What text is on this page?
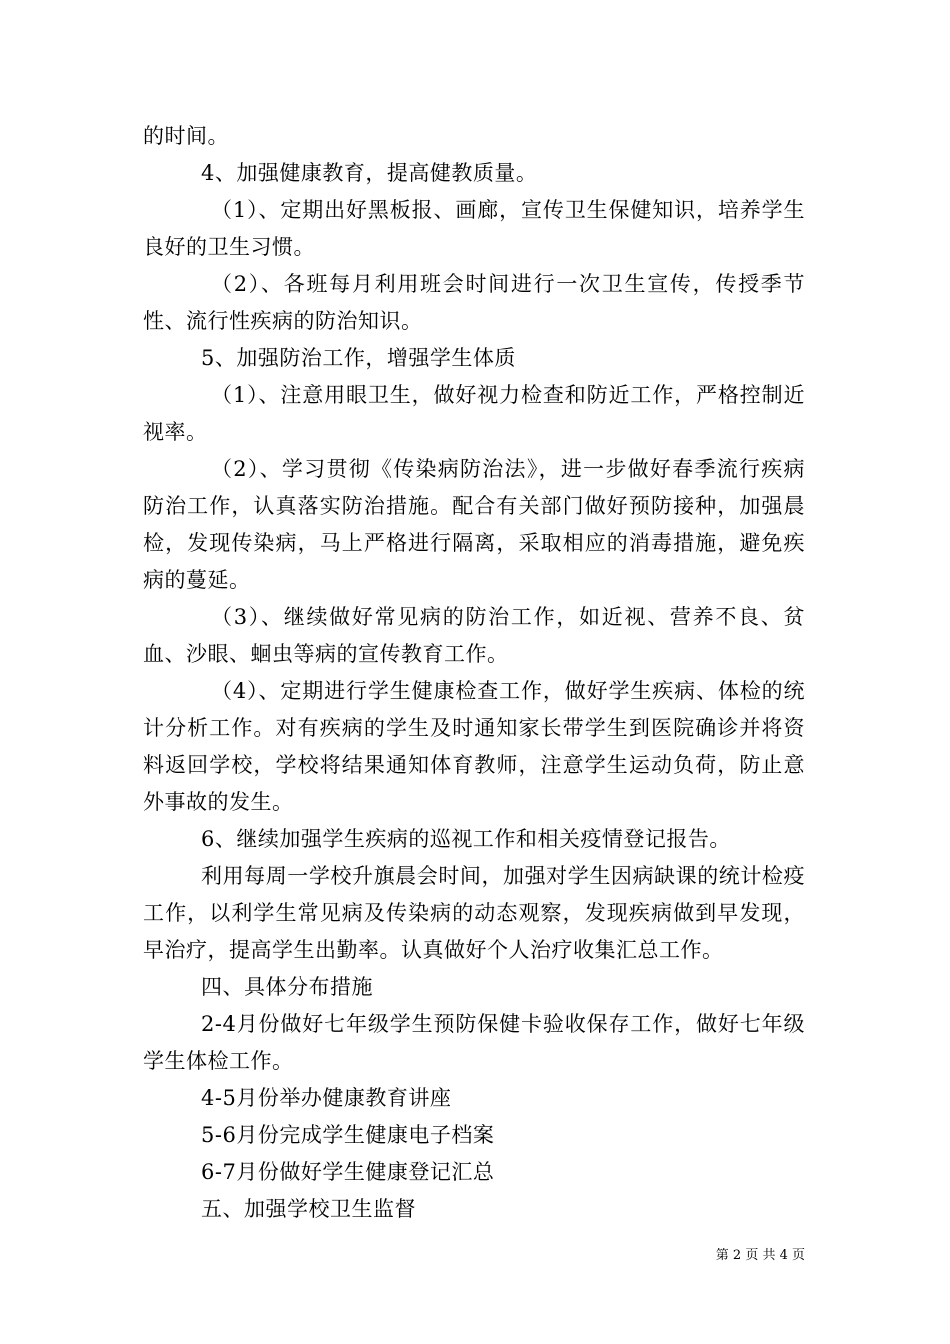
的时间。

4、加强健康教育，提高健教质量。

（1）、定期出好黑板报、画廊，宣传卫生保健知识，培养学生良好的卫生习惯。

（2）、各班每月利用班会时间进行一次卫生宣传，传授季节性、流行性疾病的防治知识。

5、加强防治工作，增强学生体质

（1）、注意用眼卫生，做好视力检查和防近工作，严格控制近视率。

（2）、学习贯彻《传染病防治法》，进一步做好春季流行疾病防治工作，认真落实防治措施。配合有关部门做好预防接种，加强晨检，发现传染病，马上严格进行隔离，采取相应的消毒措施，避免疾病的蔓延。

（3）、继续做好常见病的防治工作，如近视、营养不良、贫血、沙眼、蛔虫等病的宣传教育工作。

（4）、定期进行学生健康检查工作，做好学生疾病、体检的统计分析工作。对有疾病的学生及时通知家长带学生到医院确诊并将资料返回学校，学校将结果通知体育教师，注意学生运动负荷，防止意外事故的发生。

6、继续加强学生疾病的巡视工作和相关疫情登记报告。

利用每周一学校升旗晨会时间，加强对学生因病缺课的统计检疫工作，以利学生常见病及传染病的动态观察，发现疾病做到早发现，早治疗，提高学生出勤率。认真做好个人治疗收集汇总工作。

四、具体分布措施

2-4月份做好七年级学生预防保健卡验收保存工作，做好七年级学生体检工作。

4-5月份举办健康教育讲座

5-6月份完成学生健康电子档案

6-7月份做好学生健康登记汇总

五、加强学校卫生监督

第 2 页 共 4 页
